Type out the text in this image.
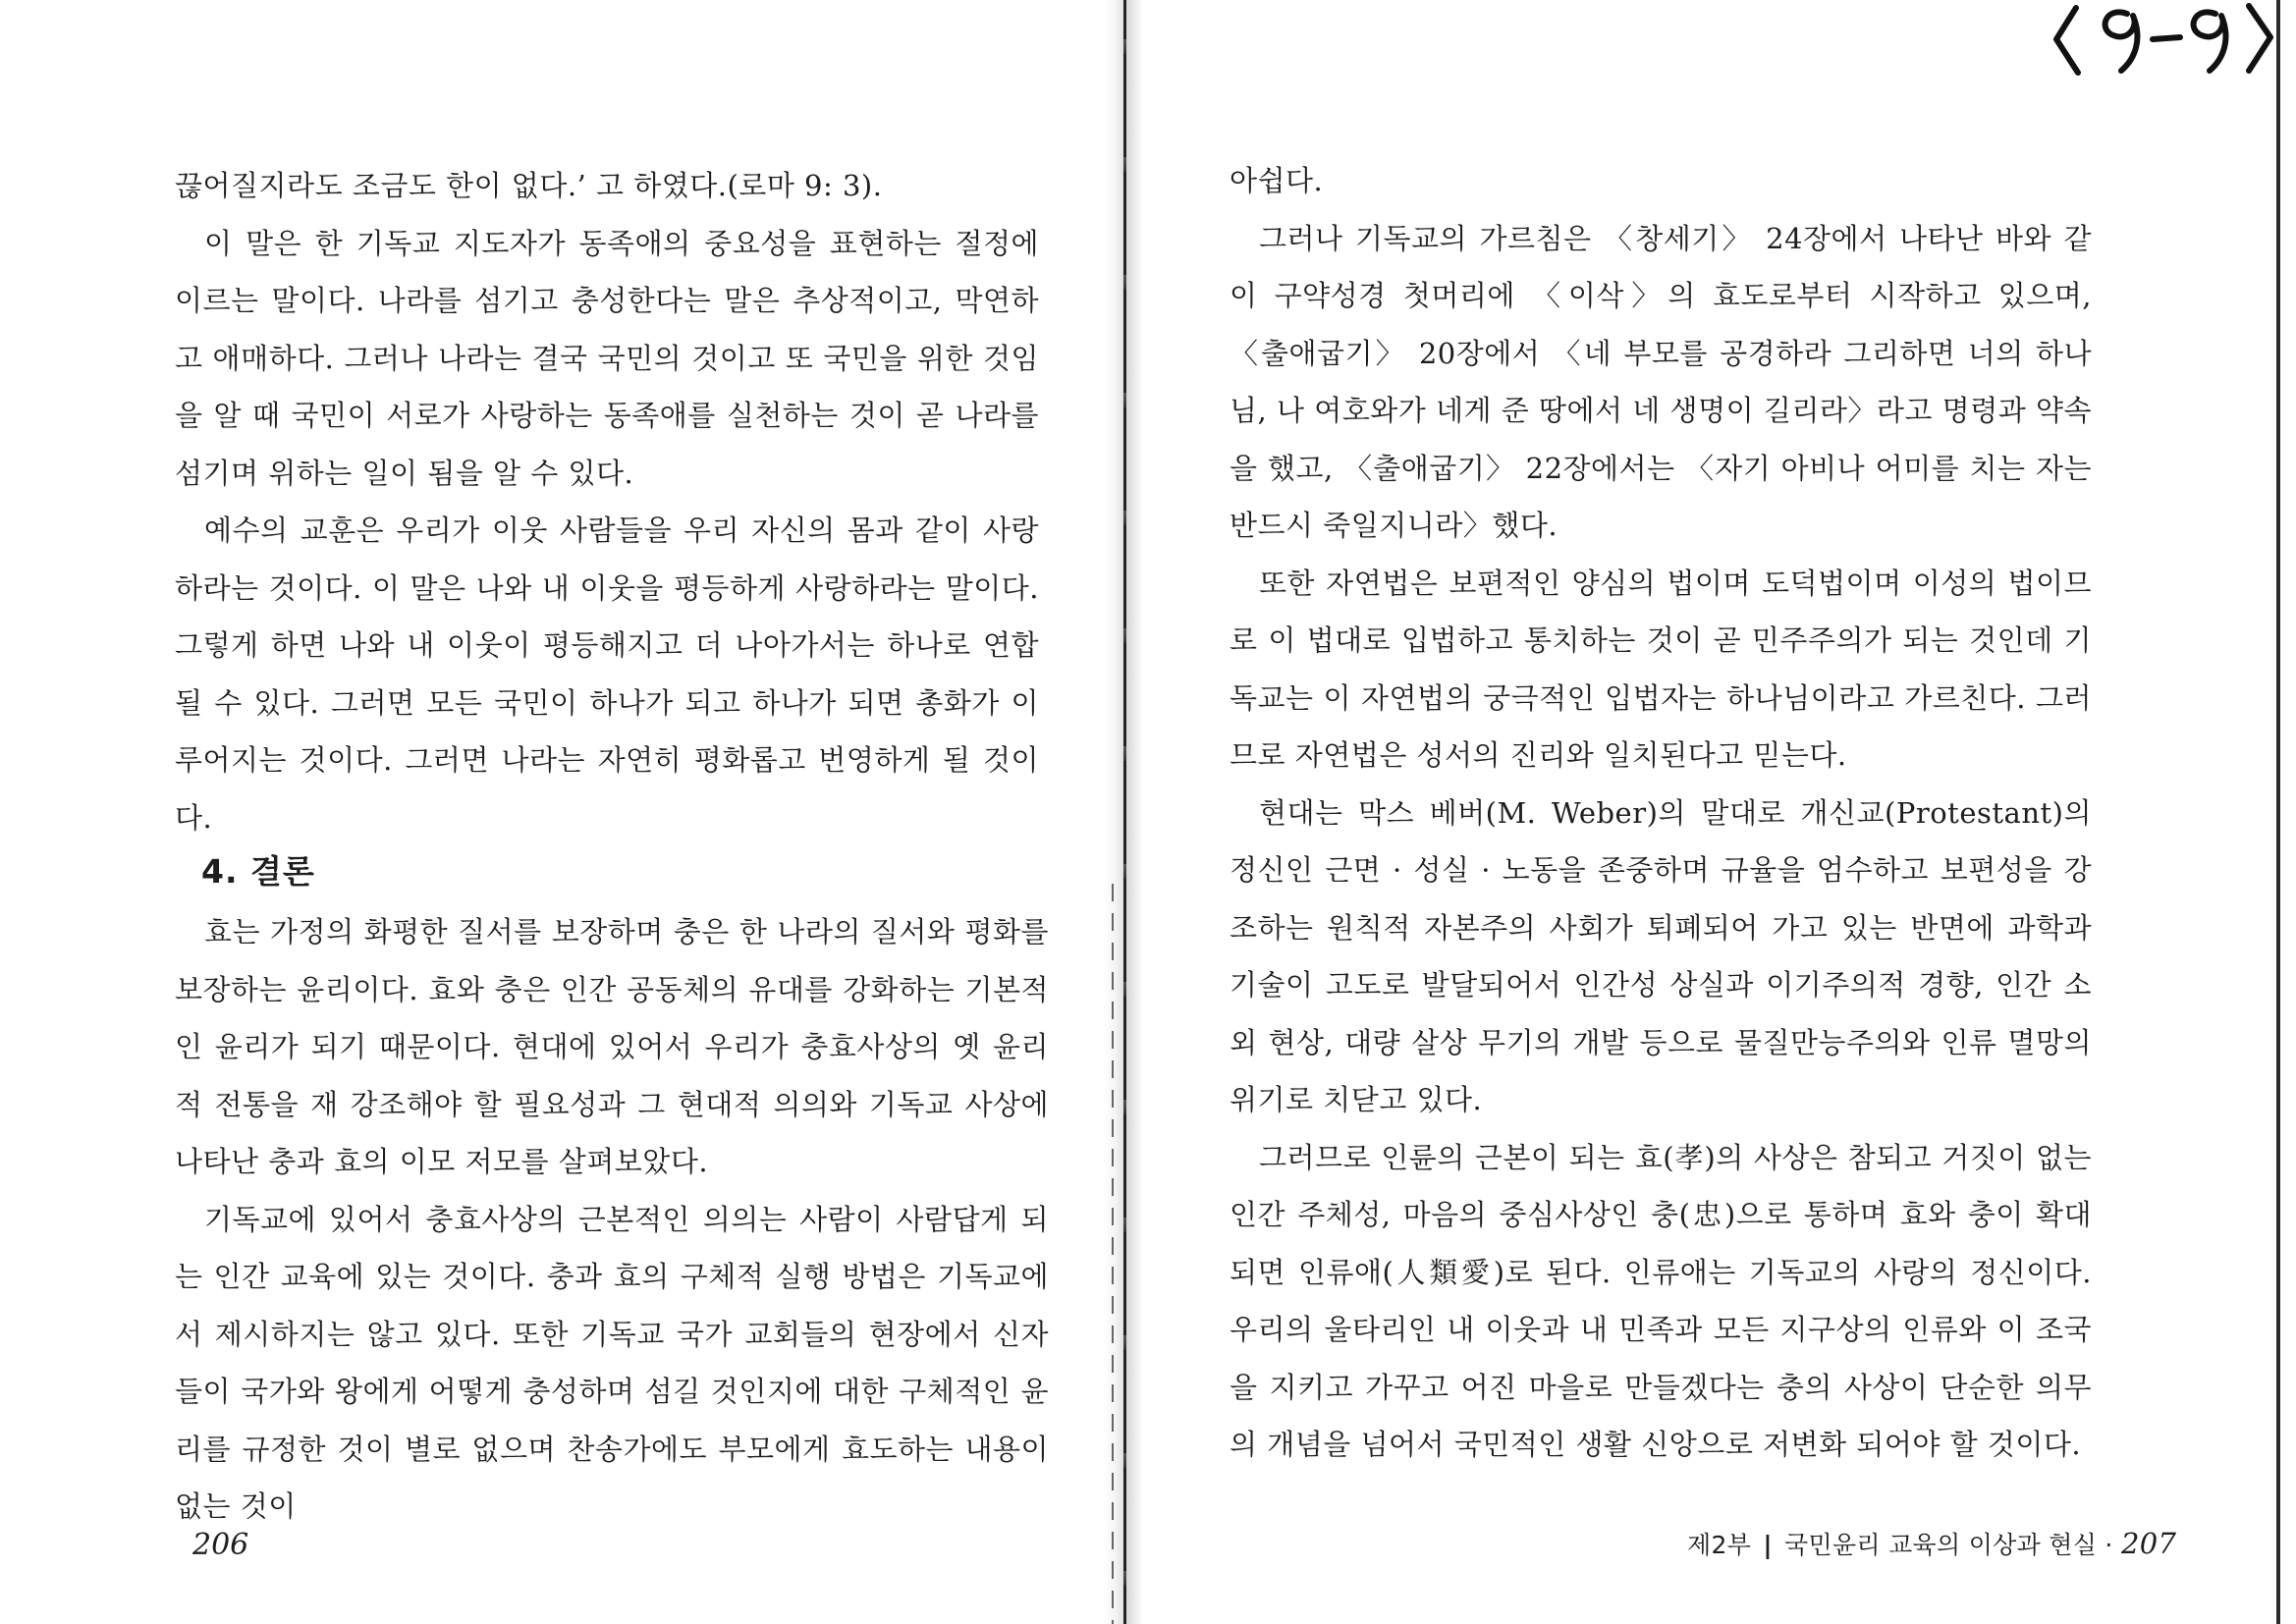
끊어질지라도 조금도 한이 없다.’ 고 하였다.(로마 9: 3).

이 말은 한 기독교 지도자가 동족애의 중요성을 표현하는 절정에 이르는 말이다. 나라를 섬기고 충성한다는 말은 추상적이고, 막연하고 애매하다. 그러나 나라는 결국 국민의 것이고 또 국민을 위한 것임을 알 때 국민이 서로가 사랑하는 동족애를 실천하는 것이 곧 나라를 섬기며 위하는 일이 됨을 알 수 있다.

예수의 교훈은 우리가 이웃 사람들을 우리 자신의 몸과 같이 사랑하라는 것이다. 이 말은 나와 내 이웃을 평등하게 사랑하라는 말이다. 그렇게 하면 나와 내 이웃이 평등해지고 더 나아가서는 하나로 연합될 수 있다. 그러면 모든 국민이 하나가 되고 하나가 되면 총화가 이루어지는 것이다. 그러면 나라는 자연히 평화롭고 번영하게 될 것이다.

4. 결론

효는 가정의 화평한 질서를 보장하며 충은 한 나라의 질서와 평화를 보장하는 윤리이다. 효와 충은 인간 공동체의 유대를 강화하는 기본적인 윤리가 되기 때문이다. 현대에 있어서 우리가 충효사상의 옛 윤리적 전통을 재 강조해야 할 필요성과 그 현대적 의의와 기독교 사상에 나타난 충과 효의 이모 저모를 살펴보았다.

기독교에 있어서 충효사상의 근본적인 의의는 사람이 사람답게 되는 인간 교육에 있는 것이다. 충과 효의 구체적 실행 방법은 기독교에서 제시하지는 않고 있다. 또한 기독교 국가 교회들의 현장에서 신자들이 국가와 왕에게 어떻게 충성하며 섬길 것인지에 대한 구체적인 윤리를 규정한 것이 별로 없으며 찬송가에도 부모에게 효도하는 내용이 없는 것이

206

아쉽다.

그러나 기독교의 가르침은 〈창세기〉 24장에서 나타난 바와 같이 구약성경 첫머리에 〈이삭〉의 효도로부터 시작하고 있으며, 〈출애굽기〉 20장에서 〈네 부모를 공경하라 그리하면 너의 하나님, 나 여호와가 네게 준 땅에서 네 생명이 길리라〉라고 명령과 약속을 했고, 〈출애굽기〉 22장에서는 〈자기 아비나 어미를 치는 자는 반드시 죽일지니라〉했다.

또한 자연법은 보편적인 양심의 법이며 도덕법이며 이성의 법이므로 이 법대로 입법하고 통치하는 것이 곧 민주주의가 되는 것인데 기독교는 이 자연법의 궁극적인 입법자는 하나님이라고 가르친다. 그러므로 자연법은 성서의 진리와 일치된다고 믿는다.

현대는 막스 베버(M. Weber)의 말대로 개신교(Protestant)의 정신인 근면 · 성실 · 노동을 존중하며 규율을 엄수하고 보편성을 강조하는 원칙적 자본주의 사회가 퇴폐되어 가고 있는 반면에 과학과 기술이 고도로 발달되어서 인간성 상실과 이기주의적 경향, 인간 소외 현상, 대량 살상 무기의 개발 등으로 물질만능주의와 인류 멸망의 위기로 치닫고 있다.

그러므로 인륜의 근본이 되는 효(孝)의 사상은 참되고 거짓이 없는 인간 주체성, 마음의 중심사상인 충(忠)으로 통하며 효와 충이 확대되면 인류애(人類愛)로 된다. 인류애는 기독교의 사랑의 정신이다. 우리의 울타리인 내 이웃과 내 민족과 모든 지구상의 인류와 이 조국을 지키고 가꾸고 어진 마을로 만들겠다는 충의 사상이 단순한 의무의 개념을 넘어서 국민적인 생활 신앙으로 저변화 되어야 할 것이다.

제2부 | 국민윤리 교육의 이상과 현실 · 207
